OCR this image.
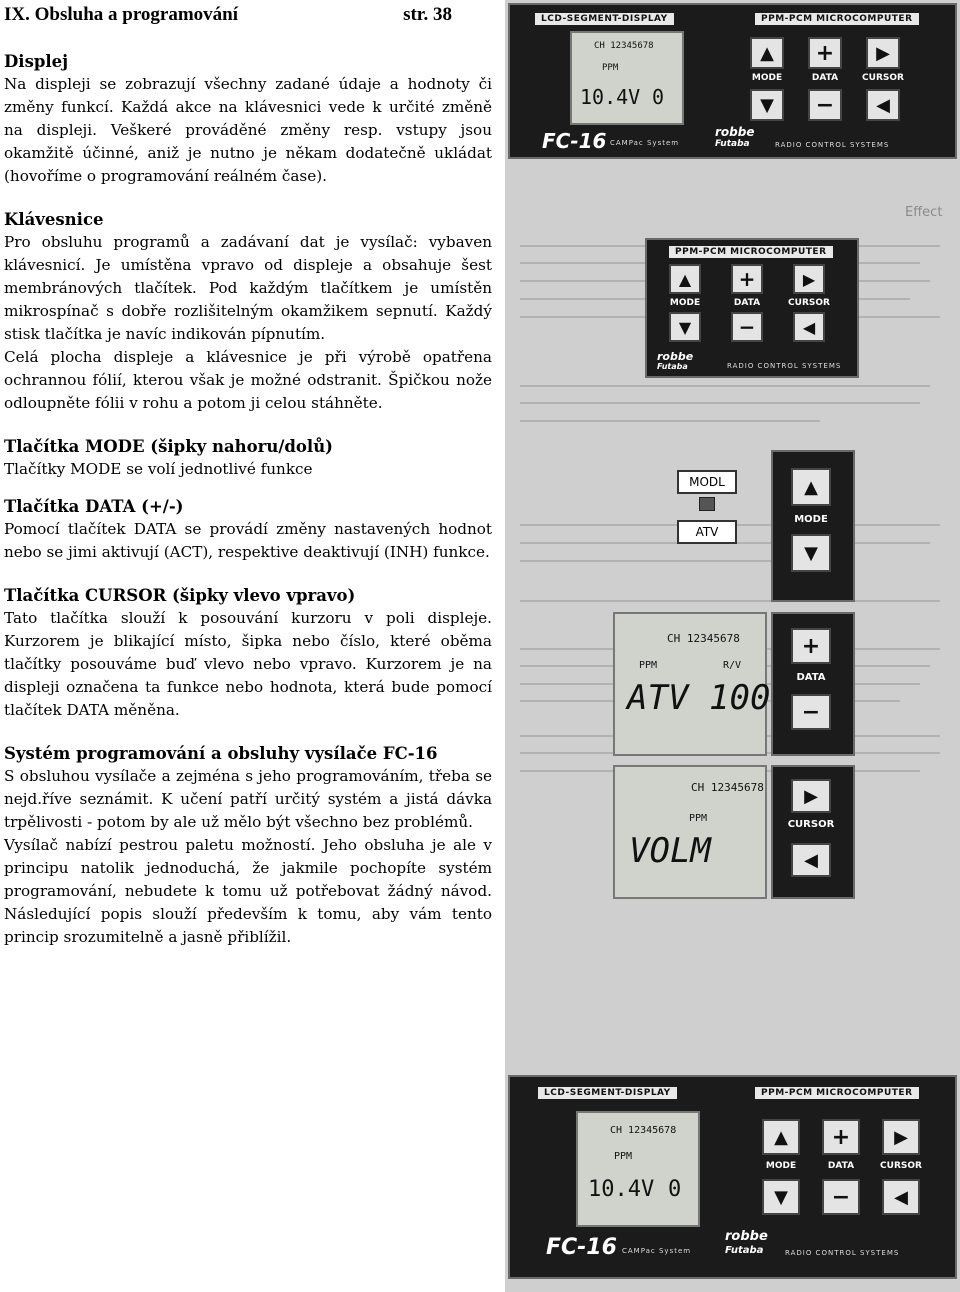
IX. Obsluha a programování	str. 38
Displej

Na displeji se zobrazují všechny zadané údaje a hodnoty či změny funkcí. Každá akce na klávesnici vede k určité změně na displeji. Veškeré prováděné změny resp. vstupy jsou okamžitě účinné, aniž je nutno je někam dodatečně ukládat (hovoříme o programování reálném čase).

Klávesnice

Pro obsluhu programů a zadávaní dat je vysílač: vybaven klávesnicí. Je umístěna vpravo od displeje a obsahuje šest membránových tlačítek. Pod každým tlačítkem je umístěn mikrospínač s dobře rozlišitelným okamžikem sepnutí. Každý stisk tlačítka je navíc indikován pípnutím.

Celá plocha displeje a klávesnice je při výrobě opatřena ochrannou fólií, kterou však je možné odstranit. Špičkou nože odloupněte fólii v rohu a potom ji celou stáhněte.

Tlačítka MODE (šipky nahoru/dolů)

Tlačítky MODE se volí jednotlivé funkce

Tlačítka DATA (+/-)

Pomocí tlačítek DATA se provádí změny nastavených hodnot nebo se jimi aktivují (ACT), respektive deaktivují (INH) funkce.

Tlačítka CURSOR (šipky vlevo vpravo)

Tato tlačítka slouží k posouvání kurzoru v poli displeje. Kurzorem je blikající místo, šipka nebo číslo, které oběma tlačítky posouváme buď vlevo nebo vpravo. Kurzorem je na displeji označena ta funkce nebo hodnota, která bude pomocí tlačítek DATA měněna.

Systém programování a obsluhy vysílače FC-16

S obsluhou vysílače a zejména s jeho programováním, třeba se nejd.říve seznámit. K učení patří určitý systém a jistá dávka trpělivosti - potom by ale už mělo být všechno bez problémů.

Vysílač nabízí pestrou paletu možností. Jeho obsluha je ale v principu natolik jednoduchá, že jakmile pochopíte systém programování, nebudete k tomu už potřebovat žádný návod. Následující popis slouží především k tomu, aby vám tento princip srozumitelně a jasně přiblížil.

Effect
LCD-SEGMENT-DISPLAY	PPM-PCM MICROCOMPUTER
CH 12345678
PPM
10.4V 0
▲	+	▶
MODE	DATA	CURSOR
▼	−	◀
FC-16 CAMPac System
robbe
Futaba	RADIO CONTROL SYSTEMS
PPM-PCM MICROCOMPUTER
▲	+	▶
MODE	DATA	CURSOR
▼	−	◀
robbe
Futaba	RADIO CONTROL SYSTEMS
MODL
ATV
▲
MODE
▼
CH 12345678
PPM	R/V
ATV 100
+
DATA
−
CH 12345678
PPM
VOLM
▶
CURSOR
◀
LCD-SEGMENT-DISPLAY	PPM-PCM MICROCOMPUTER
CH 12345678
PPM
10.4V 0
▲	+	▶
MODE	DATA	CURSOR
▼	−	◀
FC-16 CAMPac System
robbe
Futaba	RADIO CONTROL SYSTEMS
